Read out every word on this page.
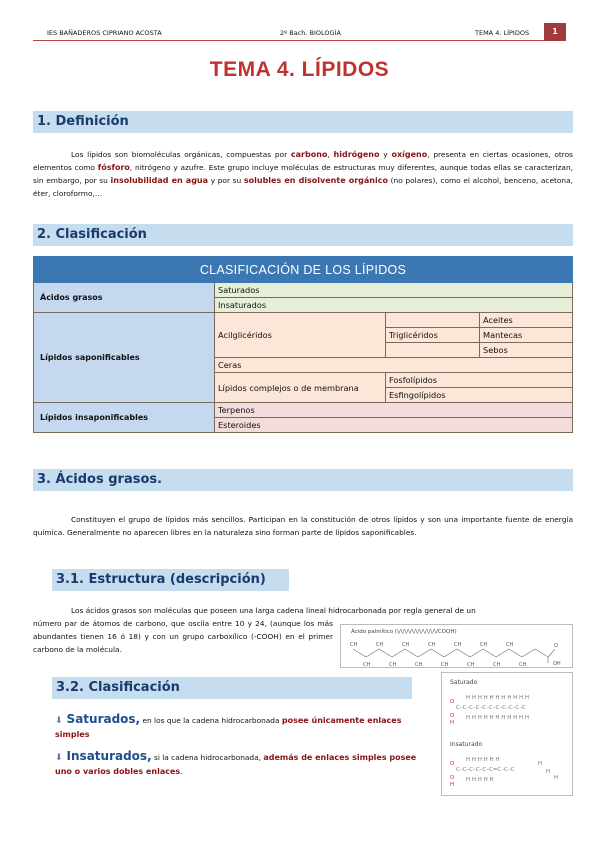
IES BAÑADEROS CIPRIANO ACOSTA	2º Bach. BIOLOGÍA	TEMA 4. LÍPIDOS	1
TEMA 4. LÍPIDOS
1. Definición
Los lípidos son biomoléculas orgánicas, compuestas por carbono, hidrógeno y oxígeno, presenta en ciertas ocasiones, otros elementos como fósforo, nitrógeno y azufre. Este grupo incluye moléculas de estructuras muy diferentes, aunque todas ellas se caracterizan, sin embargo, por su insolubilidad en agua y por su solubles en disolvente orgánico (no polares), como el alcohol, benceno, acetona, éter, cloroformo,…
2. Clasificación
CLASIFICACIÓN DE LOS LÍPIDOS			
Ácidos grasos	Saturados		
	Insaturados		
Lípidos saponificables	Acilglicéridos		Aceites
		Triglicéridos	Mantecas
			Sebos
	Ceras		
	Lípidos complejos o de membrana	Fosfolípidos	
		Esfingolípidos	
Lípidos insaponificables	Terpenos		
	Esteroides		
3. Ácidos grasos.
Constituyen el grupo de lípidos más sencillos. Participan en la constitución de otros lípidos y son una importante fuente de energía química. Generalmente no aparecen libres en la naturaleza sino forman parte de lípidos saponificables.
3.1. Estructura (descripción)
Los ácidos grasos son moléculas que poseen una larga cadena lineal hidrocarbonada por regla general de un
número par de átomos de carbono, que oscila entre 10 y 24, (aunque los más abundantes tienen 16 ó 18) y con un grupo carboxílico (-COOH) en el primer carbono de la molécula.
Ácido palmítico (\/\/\/\/\/\/\/\/\/\/\/COOH)
CH
CH
CH
CH
CH
CH
CH
CH
CH
CH
CH
CH
CH
CH
O
OH
3.2. Clasificación
⬇ Saturados, en los que la cadena hidrocarbonada posee únicamente enlaces simples
⬇ Insaturados, si la cadena hidrocarbonada, además de enlaces simples posee uno o varios dobles enlaces.
Saturado
Insaturado
O
C–C–C–C–C–C–C–C–C–C–C
O
H
H H H H H H H H H H H
H H H H H H H H H H H
O
C–C–C–C–C–C=C–C–C
O
H
H H H H H H
H H H H H
H
H
H
